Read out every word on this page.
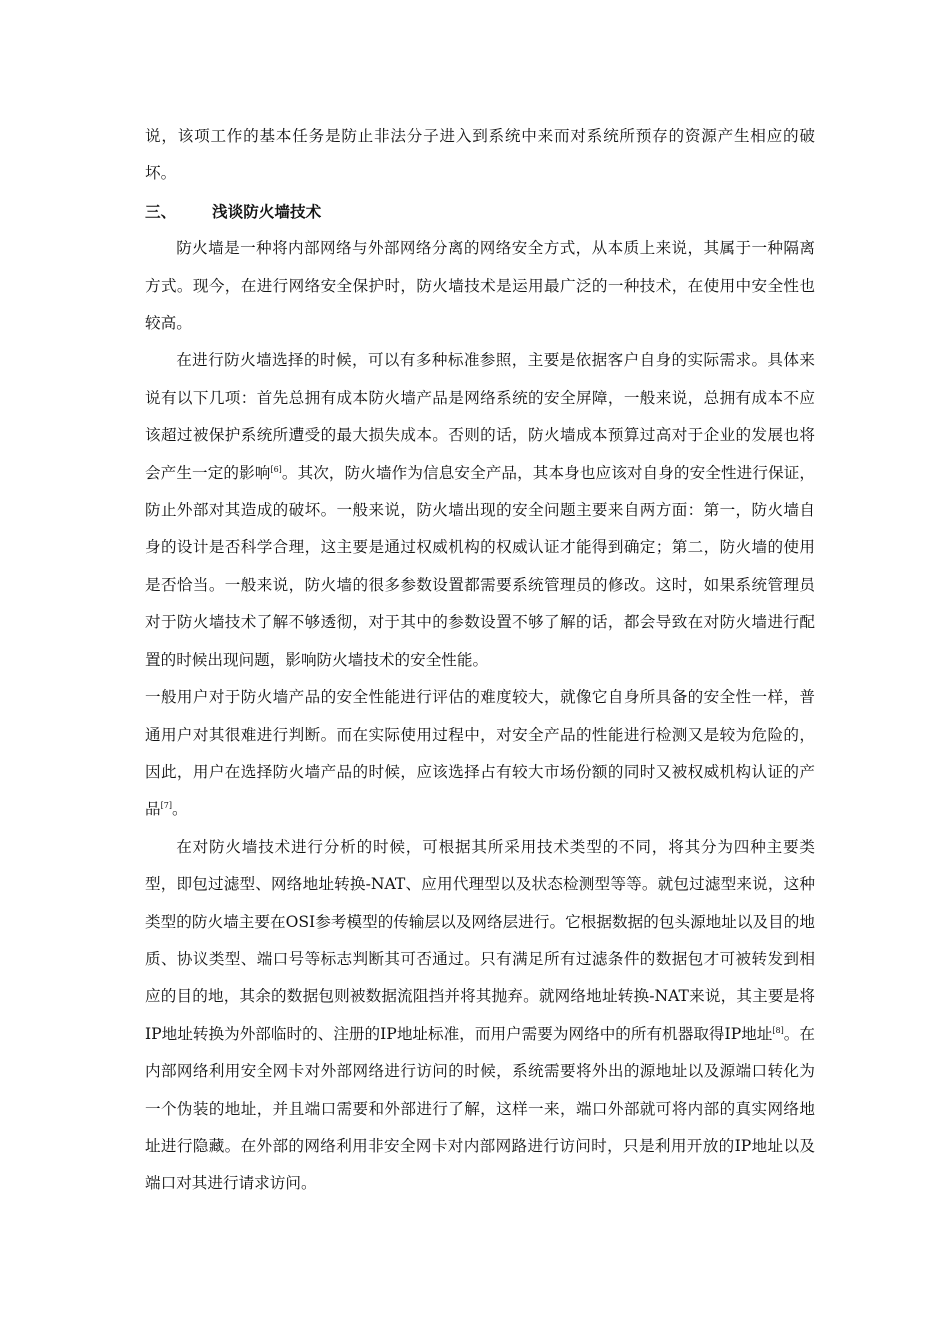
说，该项工作的基本任务是防止非法分子进入到系统中来而对系统所预存的资源产生相应的破坏。

三、 浅谈防火墙技术

防火墙是一种将内部网络与外部网络分离的网络安全方式，从本质上来说，其属于一种隔离方式。现今，在进行网络安全保护时，防火墙技术是运用最广泛的一种技术，在使用中安全性也较高。

在进行防火墙选择的时候，可以有多种标准参照，主要是依据客户自身的实际需求。具体来说有以下几项：首先总拥有成本防火墙产品是网络系统的安全屏障，一般来说，总拥有成本不应该超过被保护系统所遭受的最大损失成本。否则的话，防火墙成本预算过高对于企业的发展也将会产生一定的影响[6]。其次，防火墙作为信息安全产品，其本身也应该对自身的安全性进行保证，防止外部对其造成的破坏。一般来说，防火墙出现的安全问题主要来自两方面：第一，防火墙自身的设计是否科学合理，这主要是通过权威机构的权威认证才能得到确定；第二，防火墙的使用是否恰当。一般来说，防火墙的很多参数设置都需要系统管理员的修改。这时，如果系统管理员对于防火墙技术了解不够透彻，对于其中的参数设置不够了解的话，都会导致在对防火墙进行配置的时候出现问题，影响防火墙技术的安全性能。

一般用户对于防火墙产品的安全性能进行评估的难度较大，就像它自身所具备的安全性一样，普通用户对其很难进行判断。而在实际使用过程中，对安全产品的性能进行检测又是较为危险的，因此，用户在选择防火墙产品的时候，应该选择占有较大市场份额的同时又被权威机构认证的产品[7]。

在对防火墙技术进行分析的时候，可根据其所采用技术类型的不同，将其分为四种主要类型，即包过滤型、网络地址转换-NAT、应用代理型以及状态检测型等等。就包过滤型来说，这种类型的防火墙主要在OSI参考模型的传输层以及网络层进行。它根据数据的包头源地址以及目的地质、协议类型、端口号等标志判断其可否通过。只有满足所有过滤条件的数据包才可被转发到相应的目的地，其余的数据包则被数据流阻挡并将其抛弃。就网络地址转换-NAT来说，其主要是将IP地址转换为外部临时的、注册的IP地址标准，而用户需要为网络中的所有机器取得IP地址[8]。在内部网络利用安全网卡对外部网络进行访问的时候，系统需要将外出的源地址以及源端口转化为一个伪装的地址，并且端口需要和外部进行了解，这样一来，端口外部就可将内部的真实网络地址进行隐藏。在外部的网络利用非安全网卡对内部网路进行访问时，只是利用开放的IP地址以及端口对其进行请求访问。
